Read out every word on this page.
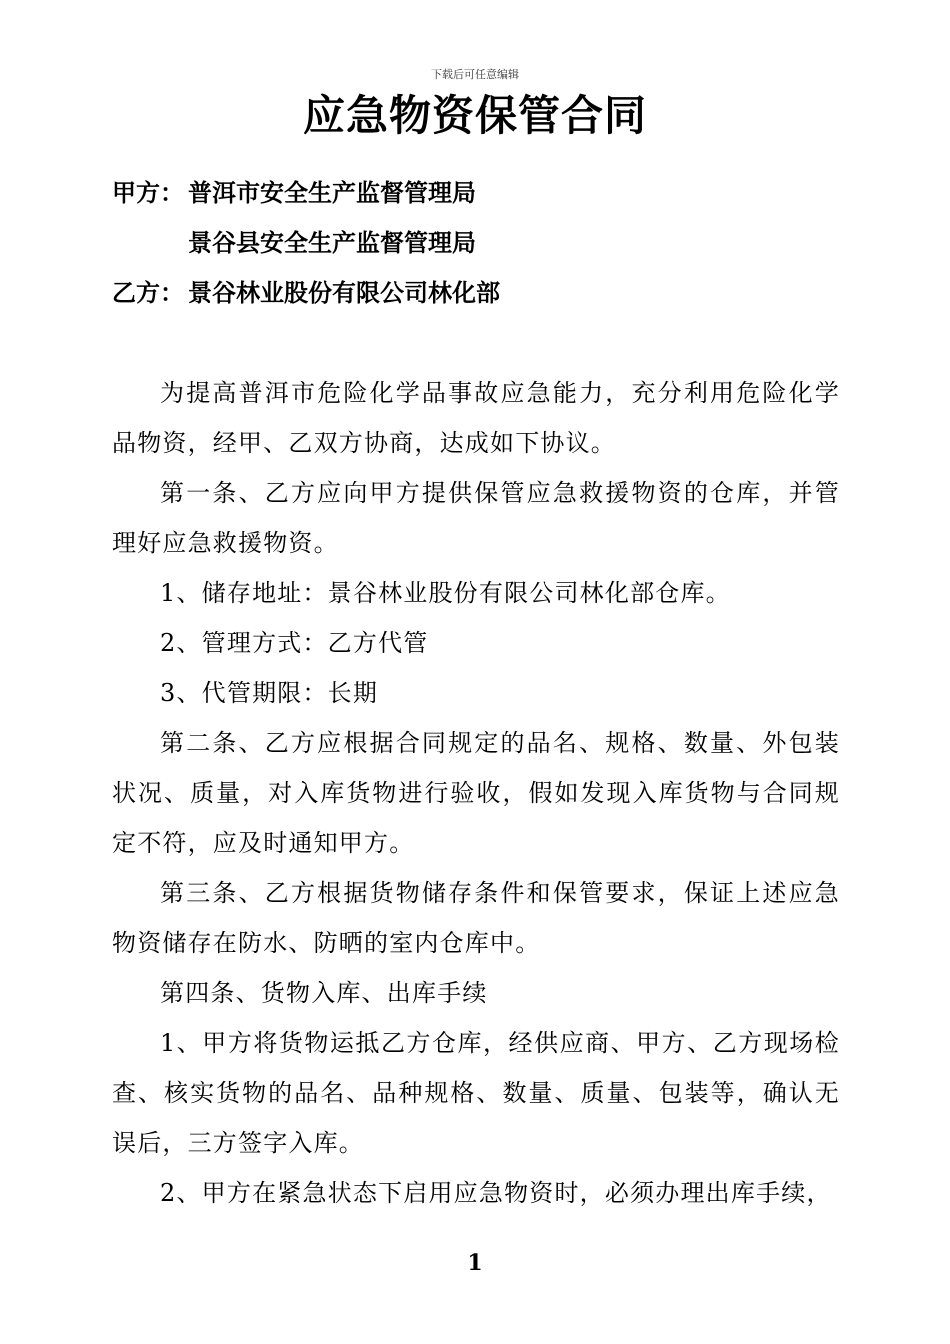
下载后可任意编辑
应急物资保管合同
甲方： 普洱市安全生产监督管理局
景谷县安全生产监督管理局
乙方： 景谷林业股份有限公司林化部

为提高普洱市危险化学品事故应急能力，充分利用危险化学品物资，经甲、乙双方协商，达成如下协议。

第一条、乙方应向甲方提供保管应急救援物资的仓库，并管理好应急救援物资。

1、储存地址：景谷林业股份有限公司林化部仓库。

2、管理方式：乙方代管

3、代管期限：长期

第二条、乙方应根据合同规定的品名、规格、数量、外包装状况、质量，对入库货物进行验收，假如发现入库货物与合同规定不符，应及时通知甲方。

第三条、乙方根据货物储存条件和保管要求，保证上述应急物资储存在防水、防晒的室内仓库中。

第四条、货物入库、出库手续

1、甲方将货物运抵乙方仓库，经供应商、甲方、乙方现场检查、核实货物的品名、品种规格、数量、质量、包装等，确认无误后，三方签字入库。

2、甲方在紧急状态下启用应急物资时，必须办理出库手续，

1
